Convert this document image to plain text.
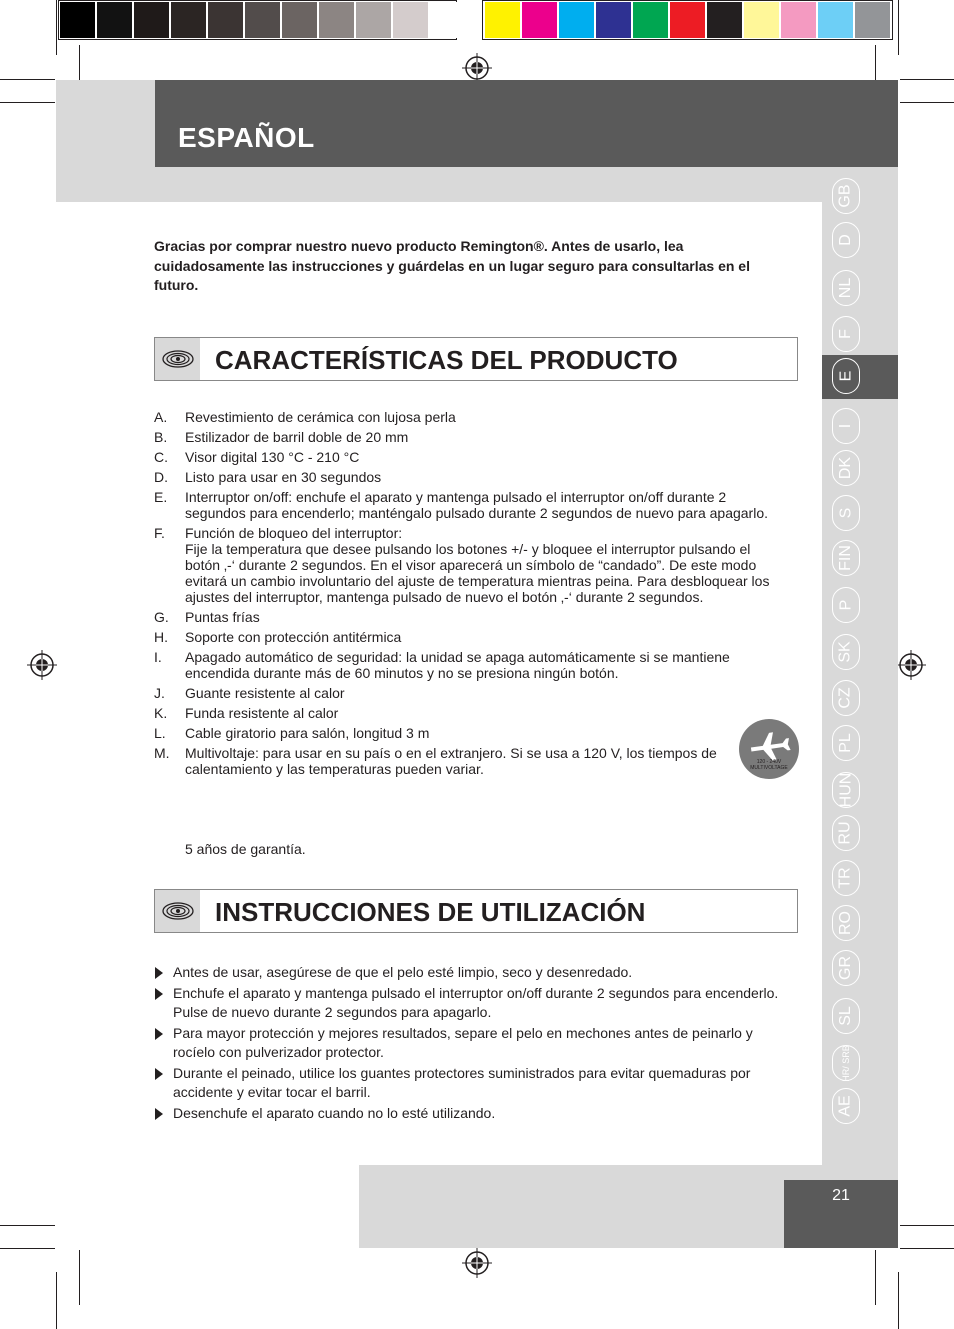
ESPAÑOL
GB
D
NL
F
E
I
DK
S
FIN
P
SK
CZ
PL
HUN
RU
TR
RO
GR
SL
HR/ SRB
AE
Gracias por comprar nuestro nuevo producto Remington®. Antes de usarlo, lea cuidadosamente las instrucciones y guárdelas en un lugar seguro para consultarlas en el futuro.
CARACTERÍSTICAS DEL PRODUCTO
A. Revestimiento de cerámica con lujosa perla
B. Estilizador de barril doble de 20 mm
C. Visor digital 130 °C - 210 °C
D. Listo para usar en 30 segundos
E. Interruptor on/off: enchufe el aparato y mantenga pulsado el interruptor on/off durante 2 segundos para encenderlo; manténgalo pulsado durante 2 segundos de nuevo para apagarlo.
F. Función de bloqueo del interruptor:
Fije la temperatura que desee pulsando los botones +/- y bloquee el interruptor pulsando el botón ‚-‘ durante 2 segundos. En el visor aparecerá un símbolo de “candado”. De este modo evitará un cambio involuntario del ajuste de temperatura mientras peina. Para desbloquear los ajustes del interruptor, mantenga pulsado de nuevo el botón ‚-‘ durante 2 segundos.
G. Puntas frías
H. Soporte con protección antitérmica
I. Apagado automático de seguridad: la unidad se apaga automáticamente si se mantiene encendida durante más de 60 minutos y no se presiona ningún botón.
J. Guante resistente al calor
K. Funda resistente al calor
L. Cable giratorio para salón, longitud 3 m
M. Multivoltaje: para usar en su país o en el extranjero. Si se usa a 120 V, los tiempos de calentamiento y las temperaturas pueden variar.	120 - 240V MULTIVOLTAGE
5 años de garantía.
INSTRUCCIONES DE UTILIZACIÓN
Antes de usar, asegúrese de que el pelo esté limpio, seco y desenredado.
Enchufe el aparato y mantenga pulsado el interruptor on/off durante 2 segundos para encenderlo. Pulse de nuevo durante 2 segundos para apagarlo.
Para mayor protección y mejores resultados, separe el pelo en mechones antes de peinarlo y rocíelo con pulverizador protector.
Durante el peinado, utilice los guantes protectores suministrados para evitar quemaduras por accidente y evitar tocar el barril.
Desenchufe el aparato cuando no lo esté utilizando.
21
